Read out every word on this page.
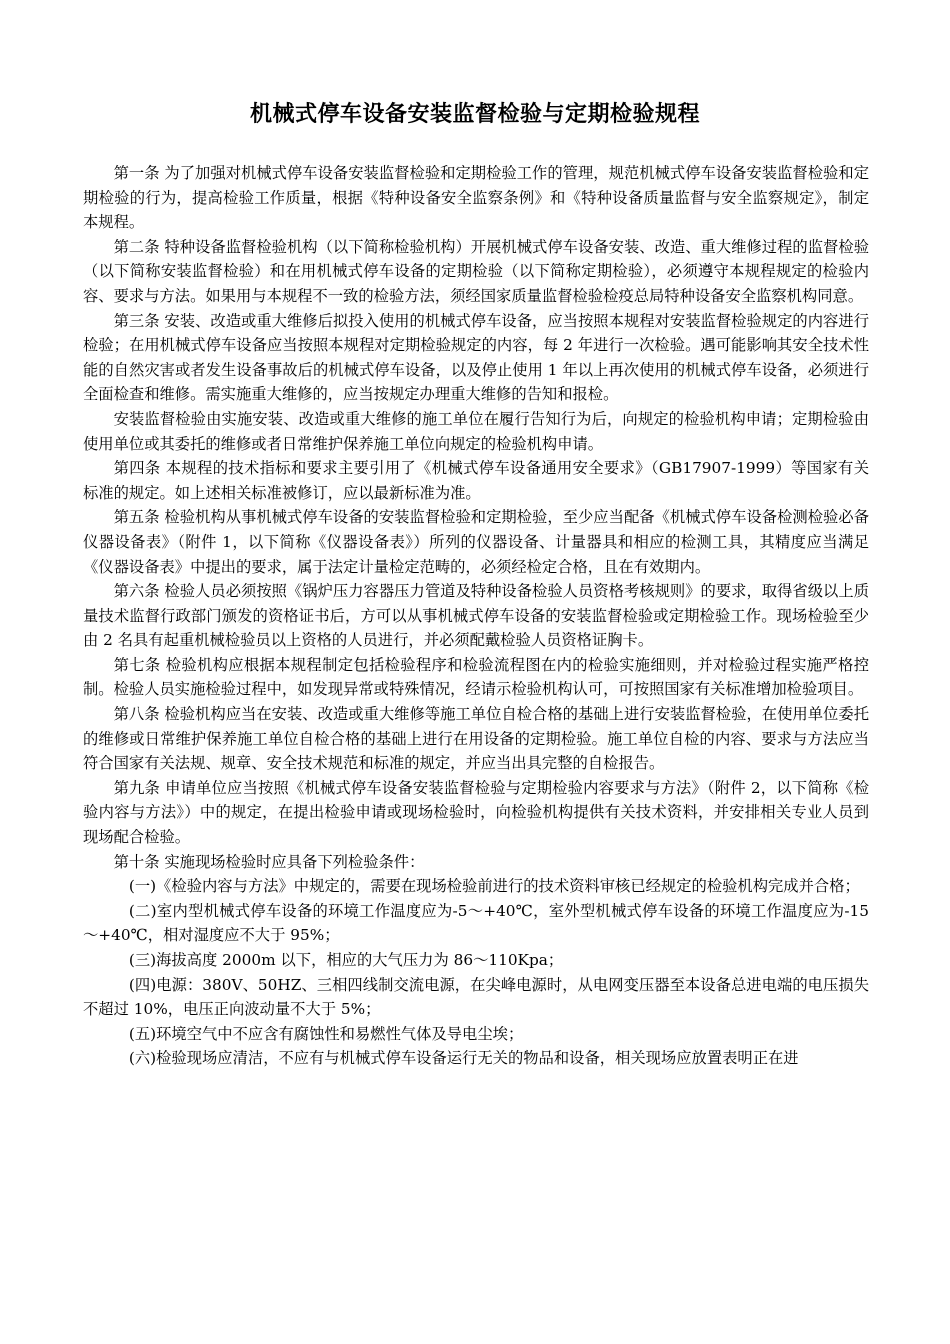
机械式停车设备安装监督检验与定期检验规程

第一条 为了加强对机械式停车设备安装监督检验和定期检验工作的管理，规范机械式停车设备安装监督检验和定期检验的行为，提高检验工作质量，根据《特种设备安全监察条例》和《特种设备质量监督与安全监察规定》，制定本规程。

第二条 特种设备监督检验机构（以下简称检验机构）开展机械式停车设备安装、改造、重大维修过程的监督检验（以下简称安装监督检验）和在用机械式停车设备的定期检验（以下简称定期检验），必须遵守本规程规定的检验内容、要求与方法。如果用与本规程不一致的检验方法，须经国家质量监督检验检疫总局特种设备安全监察机构同意。

第三条 安装、改造或重大维修后拟投入使用的机械式停车设备，应当按照本规程对安装监督检验规定的内容进行检验；在用机械式停车设备应当按照本规程对定期检验规定的内容，每 2 年进行一次检验。遇可能影响其安全技术性能的自然灾害或者发生设备事故后的机械式停车设备，以及停止使用 1 年以上再次使用的机械式停车设备，必须进行全面检查和维修。需实施重大维修的，应当按规定办理重大维修的告知和报检。

安装监督检验由实施安装、改造或重大维修的施工单位在履行告知行为后，向规定的检验机构申请；定期检验由使用单位或其委托的维修或者日常维护保养施工单位向规定的检验机构申请。

第四条 本规程的技术指标和要求主要引用了《机械式停车设备通用安全要求》（GB17907-1999）等国家有关标准的规定。如上述相关标准被修订，应以最新标准为准。

第五条 检验机构从事机械式停车设备的安装监督检验和定期检验，至少应当配备《机械式停车设备检测检验必备仪器设备表》（附件 1，以下简称《仪器设备表》）所列的仪器设备、计量器具和相应的检测工具，其精度应当满足《仪器设备表》中提出的要求，属于法定计量检定范畴的，必须经检定合格，且在有效期内。

第六条 检验人员必须按照《锅炉压力容器压力管道及特种设备检验人员资格考核规则》的要求，取得省级以上质量技术监督行政部门颁发的资格证书后，方可以从事机械式停车设备的安装监督检验或定期检验工作。现场检验至少由 2 名具有起重机械检验员以上资格的人员进行，并必须配戴检验人员资格证胸卡。

第七条 检验机构应根据本规程制定包括检验程序和检验流程图在内的检验实施细则，并对检验过程实施严格控制。检验人员实施检验过程中，如发现异常或特殊情况，经请示检验机构认可，可按照国家有关标准增加检验项目。

第八条 检验机构应当在安装、改造或重大维修等施工单位自检合格的基础上进行安装监督检验，在使用单位委托的维修或日常维护保养施工单位自检合格的基础上进行在用设备的定期检验。施工单位自检的内容、要求与方法应当符合国家有关法规、规章、安全技术规范和标准的规定，并应当出具完整的自检报告。

第九条 申请单位应当按照《机械式停车设备安装监督检验与定期检验内容要求与方法》（附件 2，以下简称《检验内容与方法》）中的规定，在提出检验申请或现场检验时，向检验机构提供有关技术资料，并安排相关专业人员到现场配合检验。

第十条 实施现场检验时应具备下列检验条件：

(一)《检验内容与方法》中规定的，需要在现场检验前进行的技术资料审核已经规定的检验机构完成并合格；

(二)室内型机械式停车设备的环境工作温度应为-5～+40℃，室外型机械式停车设备的环境工作温度应为-15～+40℃，相对湿度应不大于 95%；

(三)海拔高度 2000m 以下，相应的大气压力为 86～110Kpa；

(四)电源：380V、50HZ、三相四线制交流电源，在尖峰电源时，从电网变压器至本设备总进电端的电压损失不超过 10%，电压正向波动量不大于 5%；

(五)环境空气中不应含有腐蚀性和易燃性气体及导电尘埃；

(六)检验现场应清洁，不应有与机械式停车设备运行无关的物品和设备，相关现场应放置表明正在进
